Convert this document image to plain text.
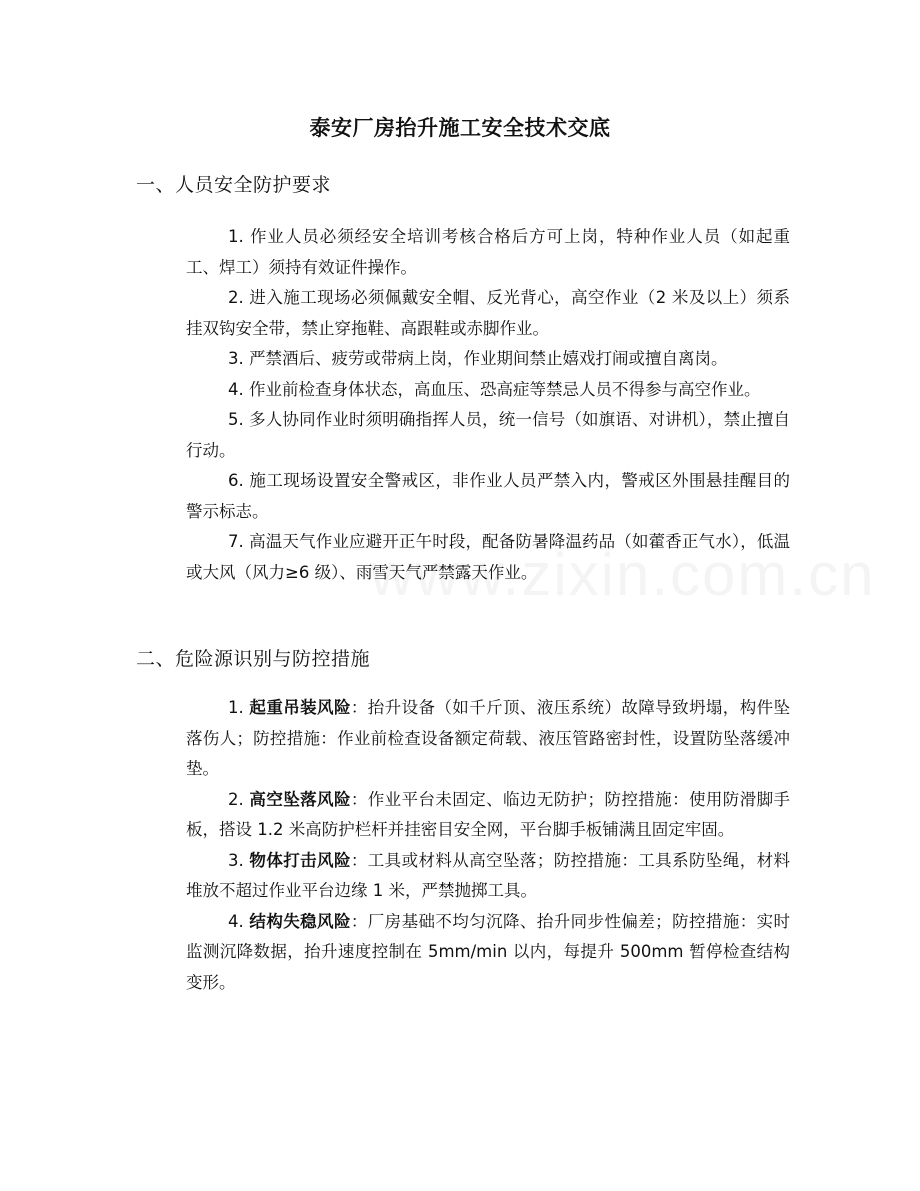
泰安厂房抬升施工安全技术交底
一、人员安全防护要求

1. 作业人员必须经安全培训考核合格后方可上岗，特种作业人员（如起重工、焊工）须持有效证件操作。

2. 进入施工现场必须佩戴安全帽、反光背心，高空作业（2 米及以上）须系挂双钩安全带，禁止穿拖鞋、高跟鞋或赤脚作业。

3. 严禁酒后、疲劳或带病上岗，作业期间禁止嬉戏打闹或擅自离岗。

4. 作业前检查身体状态，高血压、恐高症等禁忌人员不得参与高空作业。

5. 多人协同作业时须明确指挥人员，统一信号（如旗语、对讲机），禁止擅自行动。

6. 施工现场设置安全警戒区，非作业人员严禁入内，警戒区外围悬挂醒目的警示标志。

7. 高温天气作业应避开正午时段，配备防暑降温药品（如藿香正气水），低温或大风（风力≥6 级）、雨雪天气严禁露天作业。

二、危险源识别与防控措施

1. 起重吊装风险：抬升设备（如千斤顶、液压系统）故障导致坍塌，构件坠落伤人；防控措施：作业前检查设备额定荷载、液压管路密封性，设置防坠落缓冲垫。

2. 高空坠落风险：作业平台未固定、临边无防护；防控措施：使用防滑脚手板，搭设 1.2 米高防护栏杆并挂密目安全网，平台脚手板铺满且固定牢固。

3. 物体打击风险：工具或材料从高空坠落；防控措施：工具系防坠绳，材料堆放不超过作业平台边缘 1 米，严禁抛掷工具。

4. 结构失稳风险：厂房基础不均匀沉降、抬升同步性偏差；防控措施：实时监测沉降数据，抬升速度控制在 5mm/min 以内，每提升 500mm 暂停检查结构变形。
